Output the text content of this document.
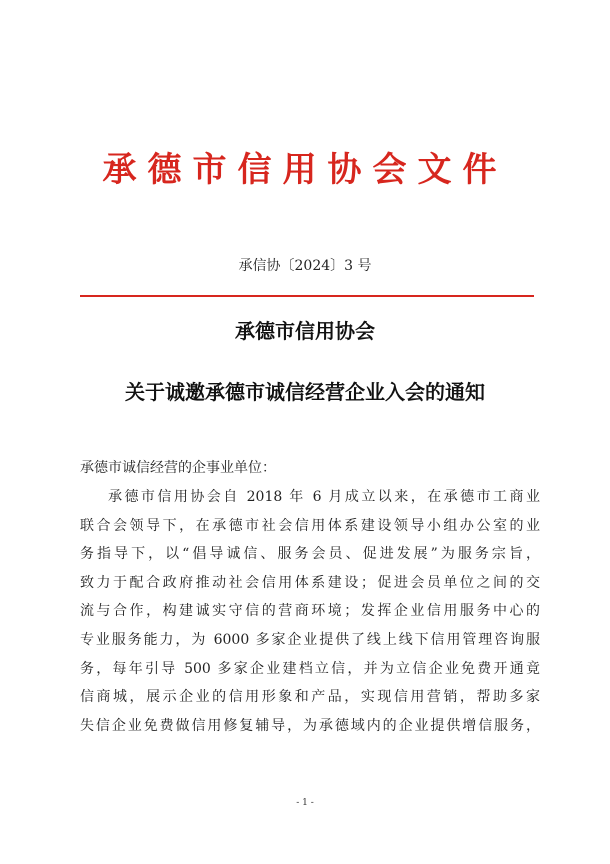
承德市信用协会文件
承信协〔2024〕3 号
承德市信用协会
关于诚邀承德市诚信经营企业入会的通知
承德市诚信经营的企事业单位：
承德市信用协会自 2018 年 6 月成立以来，在承德市工商业
联合会领导下，在承德市社会信用体系建设领导小组办公室的业
务指导下，以“倡导诚信、服务会员、促进发展”为服务宗旨，
致力于配合政府推动社会信用体系建设；促进会员单位之间的交
流与合作，构建诚实守信的营商环境；发挥企业信用服务中心的
专业服务能力，为 6000 多家企业提供了线上线下信用管理咨询服
务，每年引导 500 多家企业建档立信，并为立信企业免费开通竟
信商城，展示企业的信用形象和产品，实现信用营销，帮助多家
失信企业免费做信用修复辅导，为承德域内的企业提供增信服务，
- 1 -
